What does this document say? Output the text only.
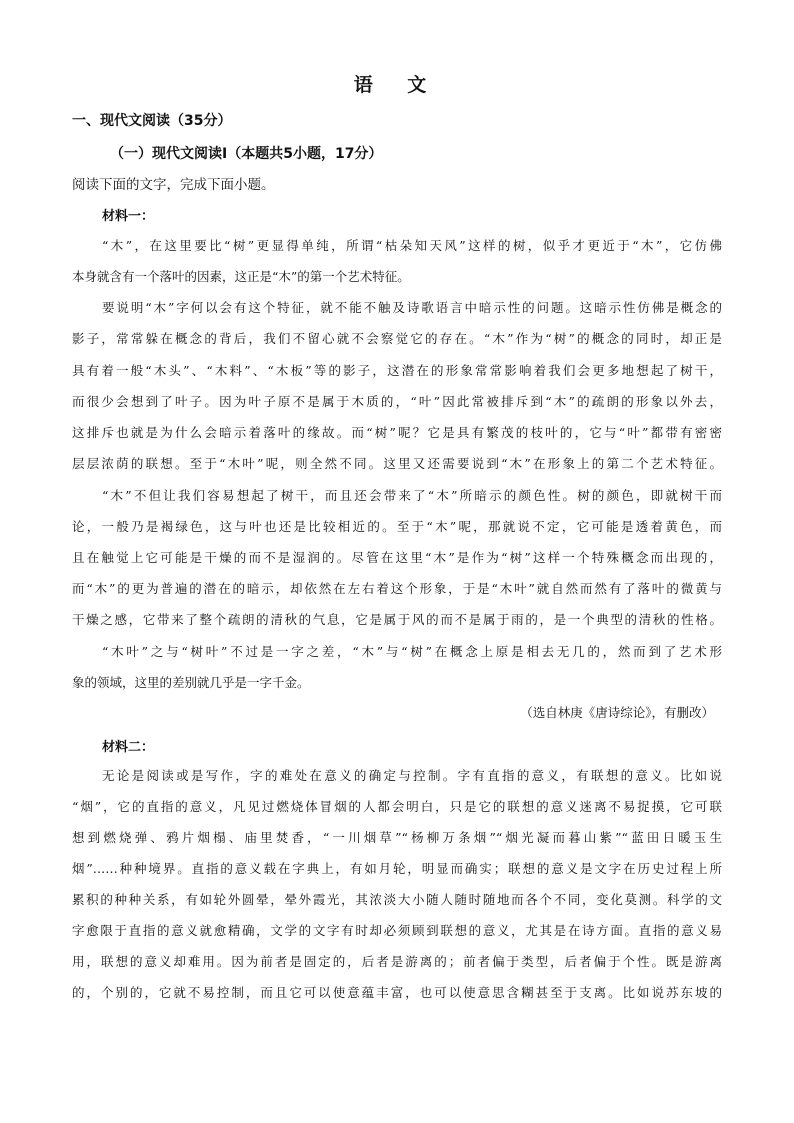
语 文
一、现代文阅读（35分）
（一）现代文阅读Ⅰ（本题共5小题，17分）
阅读下面的文字，完成下面小题。
材料一：
“木”，在这里要比“树”更显得单纯，所谓“枯朵知天风”这样的树，似乎才更近于“木”，它仿佛
本身就含有一个落叶的因素，这正是“木”的第一个艺术特征。
要说明“木”字何以会有这个特征，就不能不触及诗歌语言中暗示性的问题。这暗示性仿佛是概念的
影子，常常躲在概念的背后，我们不留心就不会察觉它的存在。“木”作为“树”的概念的同时，却正是
具有着一般“木头”、“木料”、“木板”等的影子，这潜在的形象常常影响着我们会更多地想起了树干，
而很少会想到了叶子。因为叶子原不是属于木质的，“叶”因此常被排斥到“木”的疏朗的形象以外去，
这排斥也就是为什么会暗示着落叶的缘故。而“树”呢？它是具有繁茂的枝叶的，它与“叶”都带有密密
层层浓荫的联想。至于“木叶”呢，则全然不同。这里又还需要说到“木”在形象上的第二个艺术特征。
“木”不但让我们容易想起了树干，而且还会带来了“木”所暗示的颜色性。树的颜色，即就树干而
论，一般乃是褐绿色，这与叶也还是比较相近的。至于“木”呢，那就说不定，它可能是透着黄色，而
且在触觉上它可能是干燥的而不是湿润的。尽管在这里“木”是作为“树”这样一个特殊概念而出现的，
而“木”的更为普遍的潜在的暗示，却依然在左右着这个形象，于是“木叶”就自然而然有了落叶的微黄与
干燥之感，它带来了整个疏朗的清秋的气息，它是属于风的而不是属于雨的，是一个典型的清秋的性格。
“木叶”之与“树叶”不过是一字之差，“木”与“树”在概念上原是相去无几的，然而到了艺术形
象的领域，这里的差别就几乎是一字千金。
（选自林庚《唐诗综论》，有删改）
材料二：
无论是阅读或是写作，字的难处在意义的确定与控制。字有直指的意义，有联想的意义。比如说
“烟”，它的直指的意义，凡见过燃烧体冒烟的人都会明白，只是它的联想的意义迷离不易捉摸，它可联
想到燃烧弹、鸦片烟榻、庙里焚香，“一川烟草”“杨柳万条烟”“烟光凝而暮山紫”“蓝田日暖玉生
烟”……种种境界。直指的意义载在字典上，有如月轮，明显而确实；联想的意义是文字在历史过程上所
累积的种种关系，有如轮外圆晕，晕外霞光，其浓淡大小随人随时随地而各个不同，变化莫测。科学的文
字愈限于直指的意义就愈精确，文学的文字有时却必须顾到联想的意义，尤其是在诗方面。直指的意义易
用，联想的意义却难用。因为前者是固定的，后者是游离的；前者偏于类型，后者偏于个性。既是游离
的，个别的，它就不易控制，而且它可以使意蕴丰富，也可以使意思含糊甚至于支离。比如说苏东坡的
